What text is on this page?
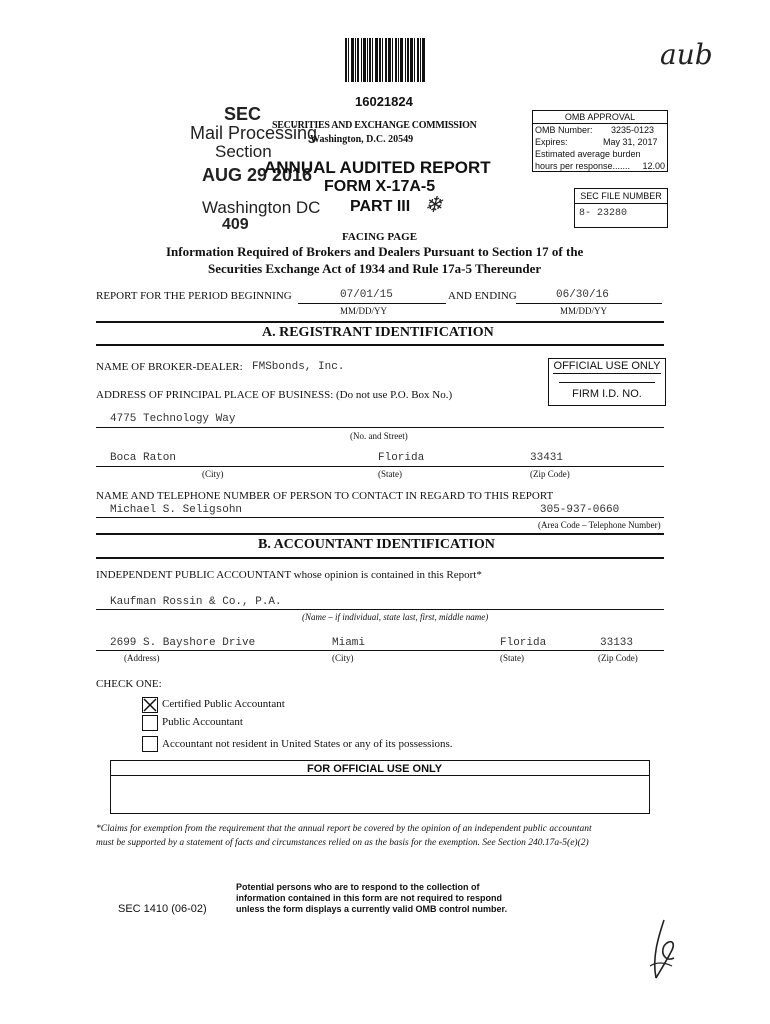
16021824
aub
SEC
Mail Processing
Section
AUG 29 2016
Washington DC
409
SECURITIES AND EXCHANGE COMMISSION
Washington, D.C. 20549
ANNUAL AUDITED REPORT
FORM X-17A-5
PART III ❄
OMB APPROVAL
OMB Number: 3235-0123
Expires:	May 31, 2017
Estimated average burden
hours per response....... 12.00
SEC FILE NUMBER
8- 23280
FACING PAGE
Information Required of Brokers and Dealers Pursuant to Section 17 of the
Securities Exchange Act of 1934 and Rule 17a-5 Thereunder
REPORT FOR THE PERIOD BEGINNING	07/01/15	AND ENDING	06/30/16
MM/DD/YY	MM/DD/YY
A. REGISTRANT IDENTIFICATION
NAME OF BROKER-DEALER: FMSbonds, Inc.	OFFICIAL USE ONLY
FIRM I.D. NO.
ADDRESS OF PRINCIPAL PLACE OF BUSINESS: (Do not use P.O. Box No.)
4775 Technology Way
(No. and Street)
Boca Raton	Florida	33431
(City)	(State)	(Zip Code)
NAME AND TELEPHONE NUMBER OF PERSON TO CONTACT IN REGARD TO THIS REPORT
Michael S. Seligsohn	305-937-0660
(Area Code – Telephone Number)
B. ACCOUNTANT IDENTIFICATION
INDEPENDENT PUBLIC ACCOUNTANT whose opinion is contained in this Report*
Kaufman Rossin & Co., P.A.
(Name – if individual, state last, first, middle name)
2699 S. Bayshore Drive	Miami	Florida	33133
(Address)	(City)	(State)	(Zip Code)
CHECK ONE:
Certified Public Accountant
Public Accountant
Accountant not resident in United States or any of its possessions.
FOR OFFICIAL USE ONLY
*Claims for exemption from the requirement that the annual report be covered by the opinion of an independent public accountant
must be supported by a statement of facts and circumstances relied on as the basis for the exemption. See Section 240.17a-5(e)(2)
SEC 1410 (06-02)
Potential persons who are to respond to the collection of
information contained in this form are not required to respond
unless the form displays a currently valid OMB control number.
